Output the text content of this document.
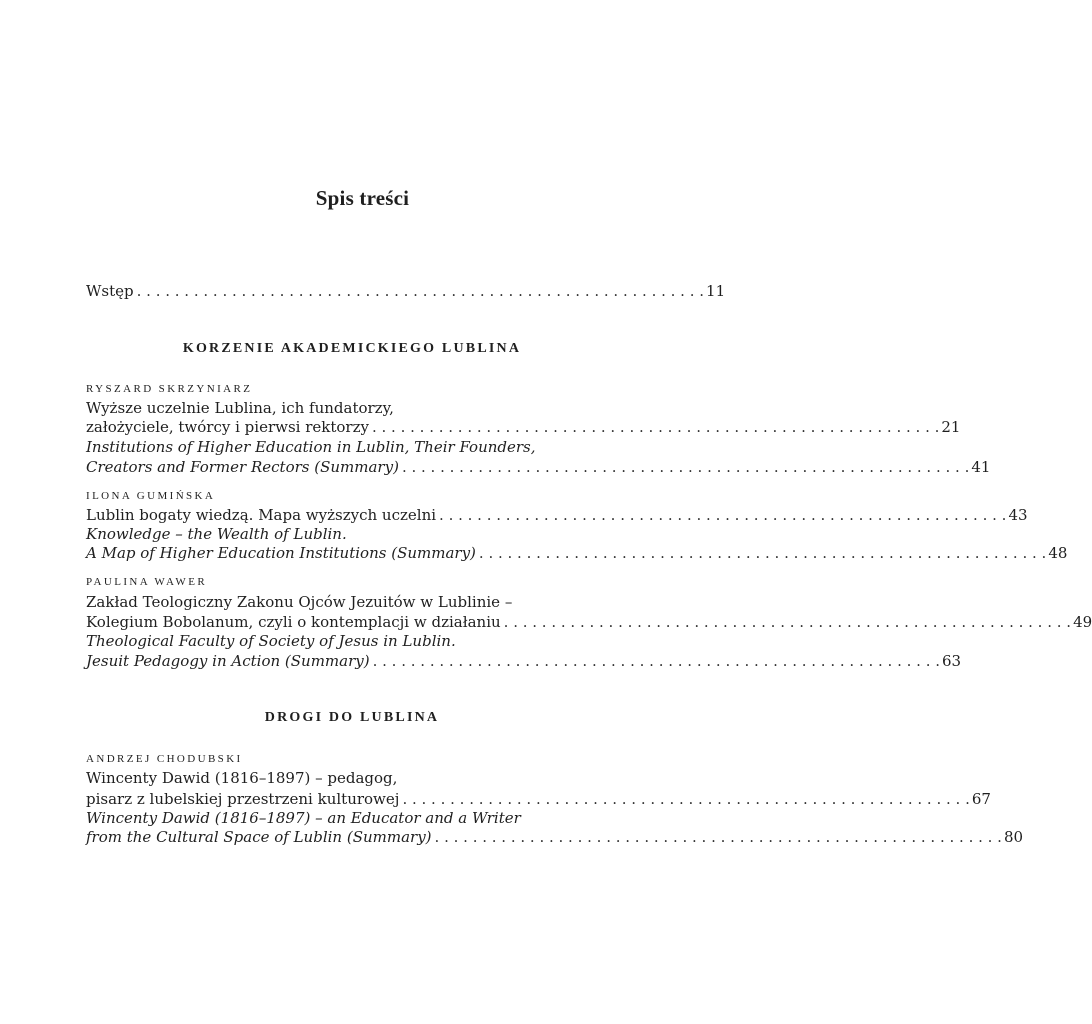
Spis treści
Wstęp . . . . . . . . . . . . . . . . . . . . . . . . . . . . . . . . . . . . . . . . . . . . . . . . . . . . . . . . . . . . 11
KORZENIE AKADEMICKIEGO LUBLINA
RYSZARD SKRZYNIARZ
Wyższe uczelnie Lublina, ich fundatorzy,
założyciele, twórcy i pierwsi rektorzy . . . . . . . . . . . . . . . . . . . . . . . . . . . . . . . . . . . . . . . . . . . . . . . . . . . . . . . . . . . . 21
Institutions of Higher Education in Lublin, Their Founders,
Creators and Former Rectors (Summary) . . . . . . . . . . . . . . . . . . . . . . . . . . . . . . . . . . . . . . . . . . . . . . . . . . . . . . . . . . . . 41
ILONA GUMIŃSKA
Lublin bogaty wiedzą. Mapa wyższych uczelni . . . . . . . . . . . . . . . . . . . . . . . . . . . . . . . . . . . . . . . . . . . . . . . . . . . . . . . . . . . . 43
Knowledge – the Wealth of Lublin.
A Map of Higher Education Institutions (Summary) . . . . . . . . . . . . . . . . . . . . . . . . . . . . . . . . . . . . . . . . . . . . . . . . . . . . . . . . . . . . 48
PAULINA WAWER
Zakład Teologiczny Zakonu Ojców Jezuitów w Lublinie –
Kolegium Bobolanum, czyli o kontemplacji w działaniu . . . . . . . . . . . . . . . . . . . . . . . . . . . . . . . . . . . . . . . . . . . . . . . . . . . . . . . . . . . . 49
Theological Faculty of Society of Jesus in Lublin.
Jesuit Pedagogy in Action (Summary) . . . . . . . . . . . . . . . . . . . . . . . . . . . . . . . . . . . . . . . . . . . . . . . . . . . . . . . . . . . . 63
DROGI DO LUBLINA
ANDRZEJ CHODUBSKI
Wincenty Dawid (1816–1897) – pedagog,
pisarz z lubelskiej przestrzeni kulturowej . . . . . . . . . . . . . . . . . . . . . . . . . . . . . . . . . . . . . . . . . . . . . . . . . . . . . . . . . . . . 67
Wincenty Dawid (1816–1897) – an Educator and a Writer
from the Cultural Space of Lublin (Summary) . . . . . . . . . . . . . . . . . . . . . . . . . . . . . . . . . . . . . . . . . . . . . . . . . . . . . . . . . . . . 80
